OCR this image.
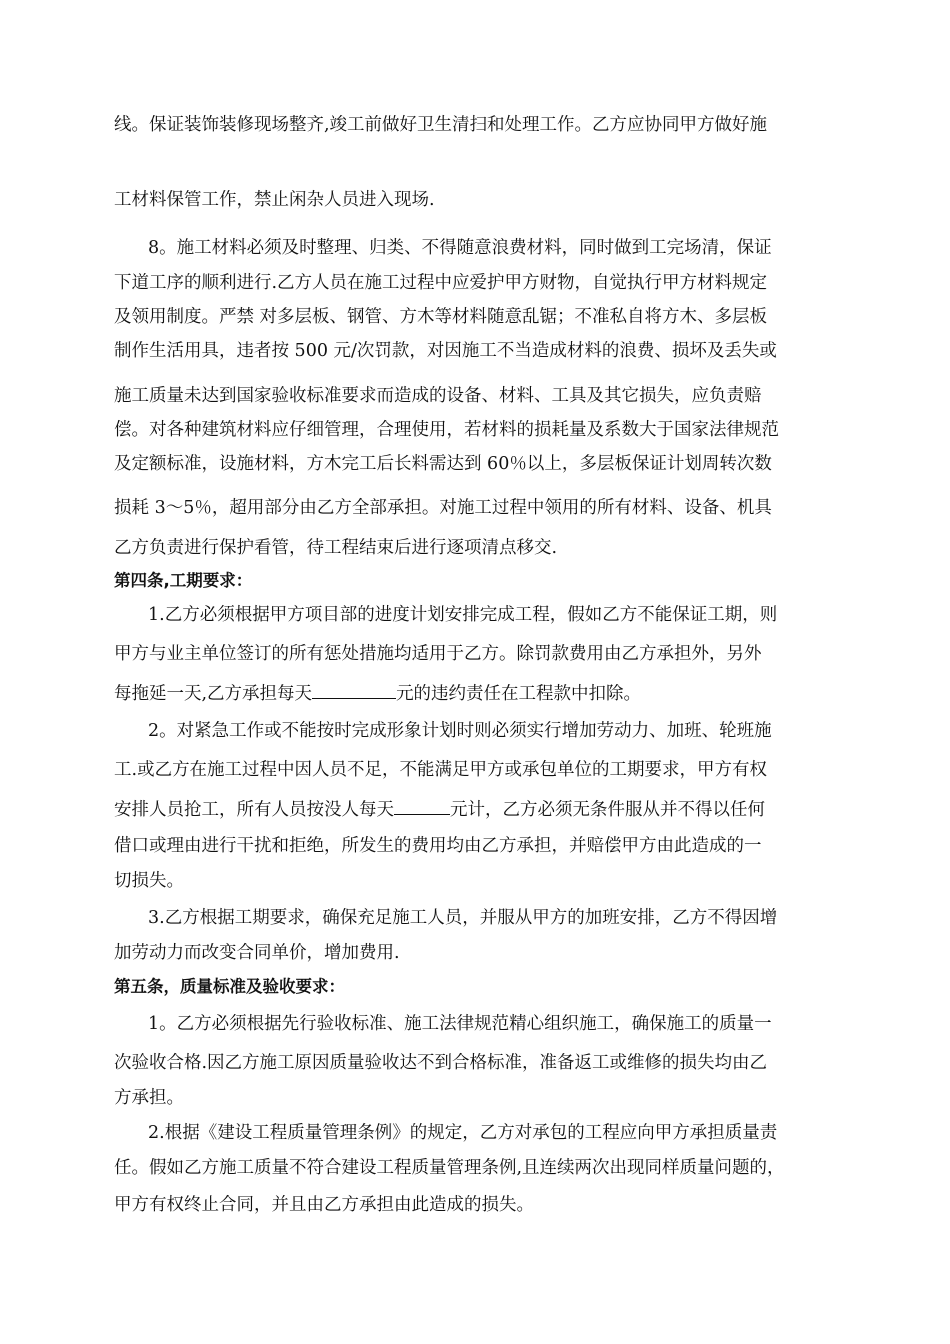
线。保证装饰装修现场整齐,竣工前做好卫生清扫和处理工作。乙方应协同甲方做好施
工材料保管工作，禁止闲杂人员进入现场.
8。施工材料必须及时整理、归类、不得随意浪费材料，同时做到工完场清，保证
下道工序的顺利进行.乙方人员在施工过程中应爱护甲方财物，自觉执行甲方材料规定
及领用制度。严禁 对多层板、钢管、方木等材料随意乱锯；不准私自将方木、多层板
制作生活用具，违者按 500 元/次罚款，对因施工不当造成材料的浪费、损坏及丢失或
施工质量未达到国家验收标准要求而造成的设备、材料、工具及其它损失，应负责赔
偿。对各种建筑材料应仔细管理，合理使用，若材料的损耗量及系数大于国家法律规范
及定额标准，设施材料，方木完工后长料需达到 60％以上，多层板保证计划周转次数
损耗 3～5％，超用部分由乙方全部承担。对施工过程中领用的所有材料、设备、机具
乙方负责进行保护看管，待工程结束后进行逐项清点移交.
第四条,工期要求：
1.乙方必须根据甲方项目部的进度计划安排完成工程，假如乙方不能保证工期，则
甲方与业主单位签订的所有惩处措施均适用于乙方。除罚款费用由乙方承担外，另外
每拖延一天,乙方承担每天	元的违约责任在工程款中扣除。
2。对紧急工作或不能按时完成形象计划时则必须实行增加劳动力、加班、轮班施
工.或乙方在施工过程中因人员不足，不能满足甲方或承包单位的工期要求，甲方有权
安排人员抢工，所有人员按没人每天	元计，乙方必须无条件服从并不得以任何
借口或理由进行干扰和拒绝，所发生的费用均由乙方承担，并赔偿甲方由此造成的一
切损失。
3.乙方根据工期要求，确保充足施工人员，并服从甲方的加班安排，乙方不得因增
加劳动力而改变合同单价，增加费用.
第五条，质量标准及验收要求：
1。乙方必须根据先行验收标准、施工法律规范精心组织施工，确保施工的质量一
次验收合格.因乙方施工原因质量验收达不到合格标准，准备返工或维修的损失均由乙
方承担。
2.根据《建设工程质量管理条例》的规定，乙方对承包的工程应向甲方承担质量责
任。假如乙方施工质量不符合建设工程质量管理条例,且连续两次出现同样质量问题的，
甲方有权终止合同，并且由乙方承担由此造成的损失。
